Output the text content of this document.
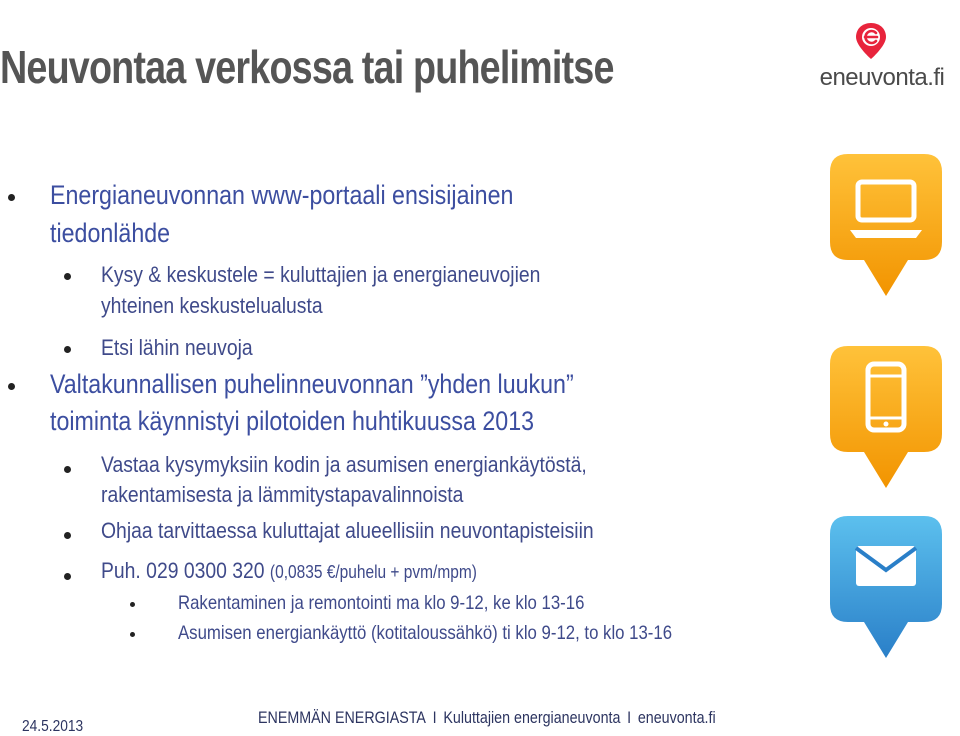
Neuvontaa verkossa tai puhelimitse	eneuvonta.fi
Energianeuvonnan www-portaali ensisijainen
tiedonlähde
Kysy & keskustele = kuluttajien ja energianeuvojien
yhteinen keskustelualusta
Etsi lähin neuvoja
Valtakunnallisen puhelinneuvonnan ”yhden luukun”
toiminta käynnistyi pilotoiden huhtikuussa 2013
Vastaa kysymyksiin kodin ja asumisen energiankäytöstä,
rakentamisesta ja lämmitystapavalinnoista
Ohjaa tarvittaessa kuluttajat alueellisiin neuvontapisteisiin
Puh. 029 0300 320 (0,0835 €/puhelu + pvm/mpm)
Rakentaminen ja remontointi ma klo 9-12, ke klo 13-16
Asumisen energiankäyttö (kotitaloussähkö) ti klo 9-12, to klo 13-16
24.5.2013	ENEMMÄN ENERGIASTA I Kuluttajien energianeuvonta I eneuvonta.fi
